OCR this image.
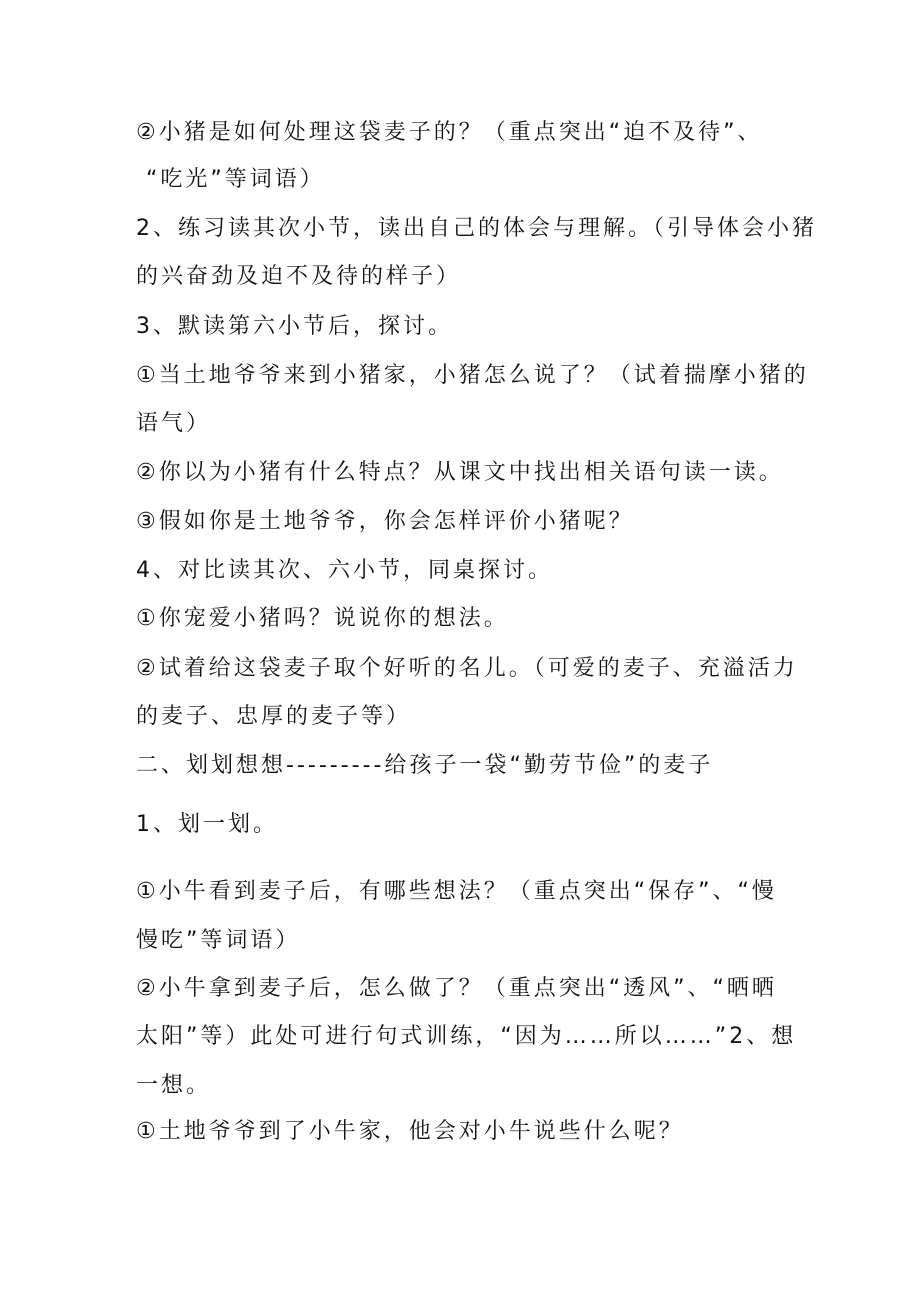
②小猪是如何处理这袋麦子的？（重点突出“迫不及待”、
“吃光”等词语）
2、练习读其次小节，读出自己的体会与理解。（引导体会小猪
的兴奋劲及迫不及待的样子）
3、默读第六小节后，探讨。
①当土地爷爷来到小猪家，小猪怎么说了？（试着揣摩小猪的
语气）
②你以为小猪有什么特点？从课文中找出相关语句读一读。
③假如你是土地爷爷，你会怎样评价小猪呢？
4、对比读其次、六小节，同桌探讨。
①你宠爱小猪吗？说说你的想法。
②试着给这袋麦子取个好听的名儿。（可爱的麦子、充溢活力
的麦子、忠厚的麦子等）
二、划划想想---------给孩子一袋“勤劳节俭”的麦子
1、划一划。
①小牛看到麦子后，有哪些想法？（重点突出“保存”、“慢
慢吃”等词语）
②小牛拿到麦子后，怎么做了？（重点突出“透风”、“晒晒
太阳”等）此处可进行句式训练，“因为……所以……”2、想
一想。
①土地爷爷到了小牛家，他会对小牛说些什么呢？
